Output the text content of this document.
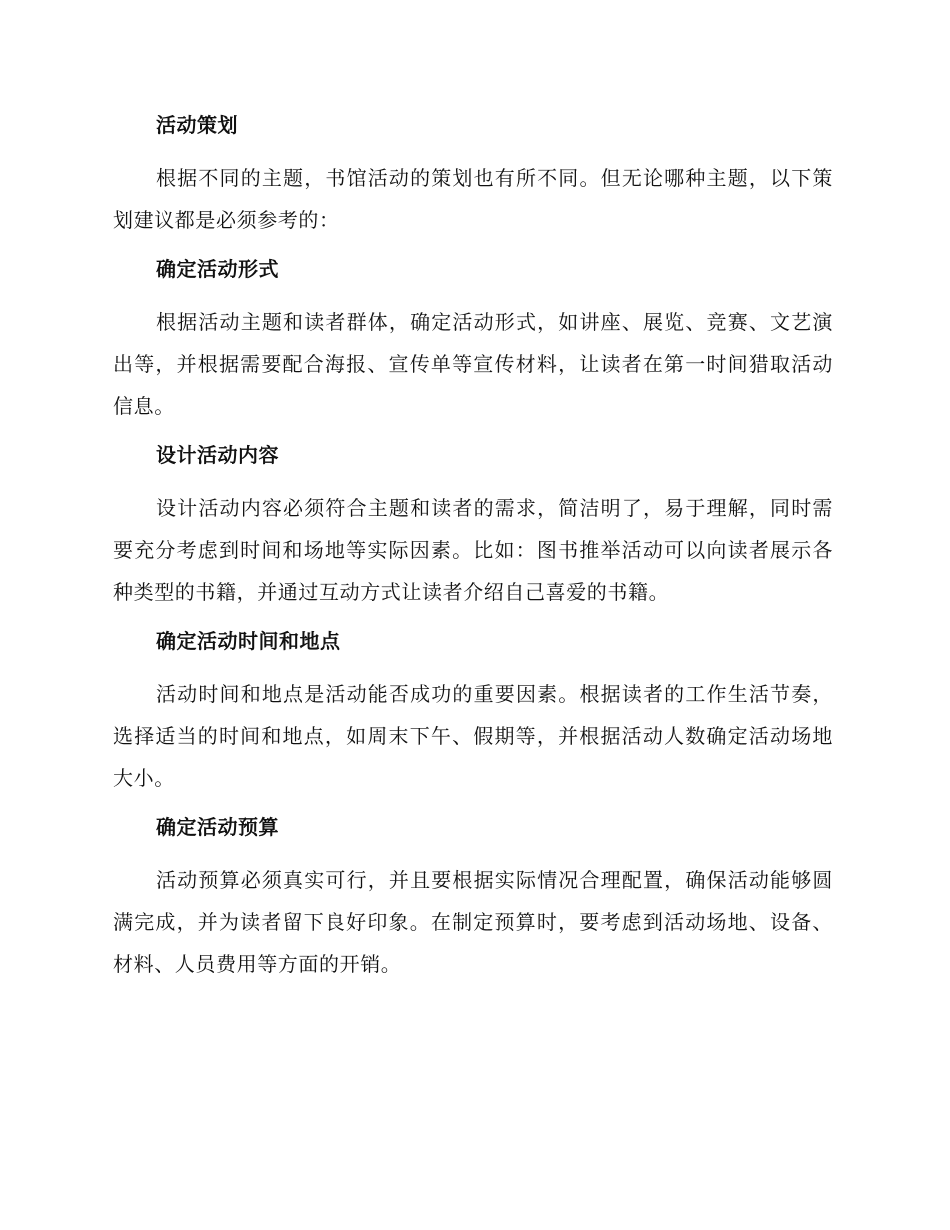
活动策划

根据不同的主题，书馆活动的策划也有所不同。但无论哪种主题，以下策划建议都是必须参考的：

确定活动形式

根据活动主题和读者群体，确定活动形式，如讲座、展览、竞赛、文艺演出等，并根据需要配合海报、宣传单等宣传材料，让读者在第一时间猎取活动信息。

设计活动内容

设计活动内容必须符合主题和读者的需求，简洁明了，易于理解，同时需要充分考虑到时间和场地等实际因素。比如：图书推举活动可以向读者展示各种类型的书籍，并通过互动方式让读者介绍自己喜爱的书籍。

确定活动时间和地点

活动时间和地点是活动能否成功的重要因素。根据读者的工作生活节奏，选择适当的时间和地点，如周末下午、假期等，并根据活动人数确定活动场地大小。

确定活动预算

活动预算必须真实可行，并且要根据实际情况合理配置，确保活动能够圆满完成，并为读者留下良好印象。在制定预算时，要考虑到活动场地、设备、材料、人员费用等方面的开销。
